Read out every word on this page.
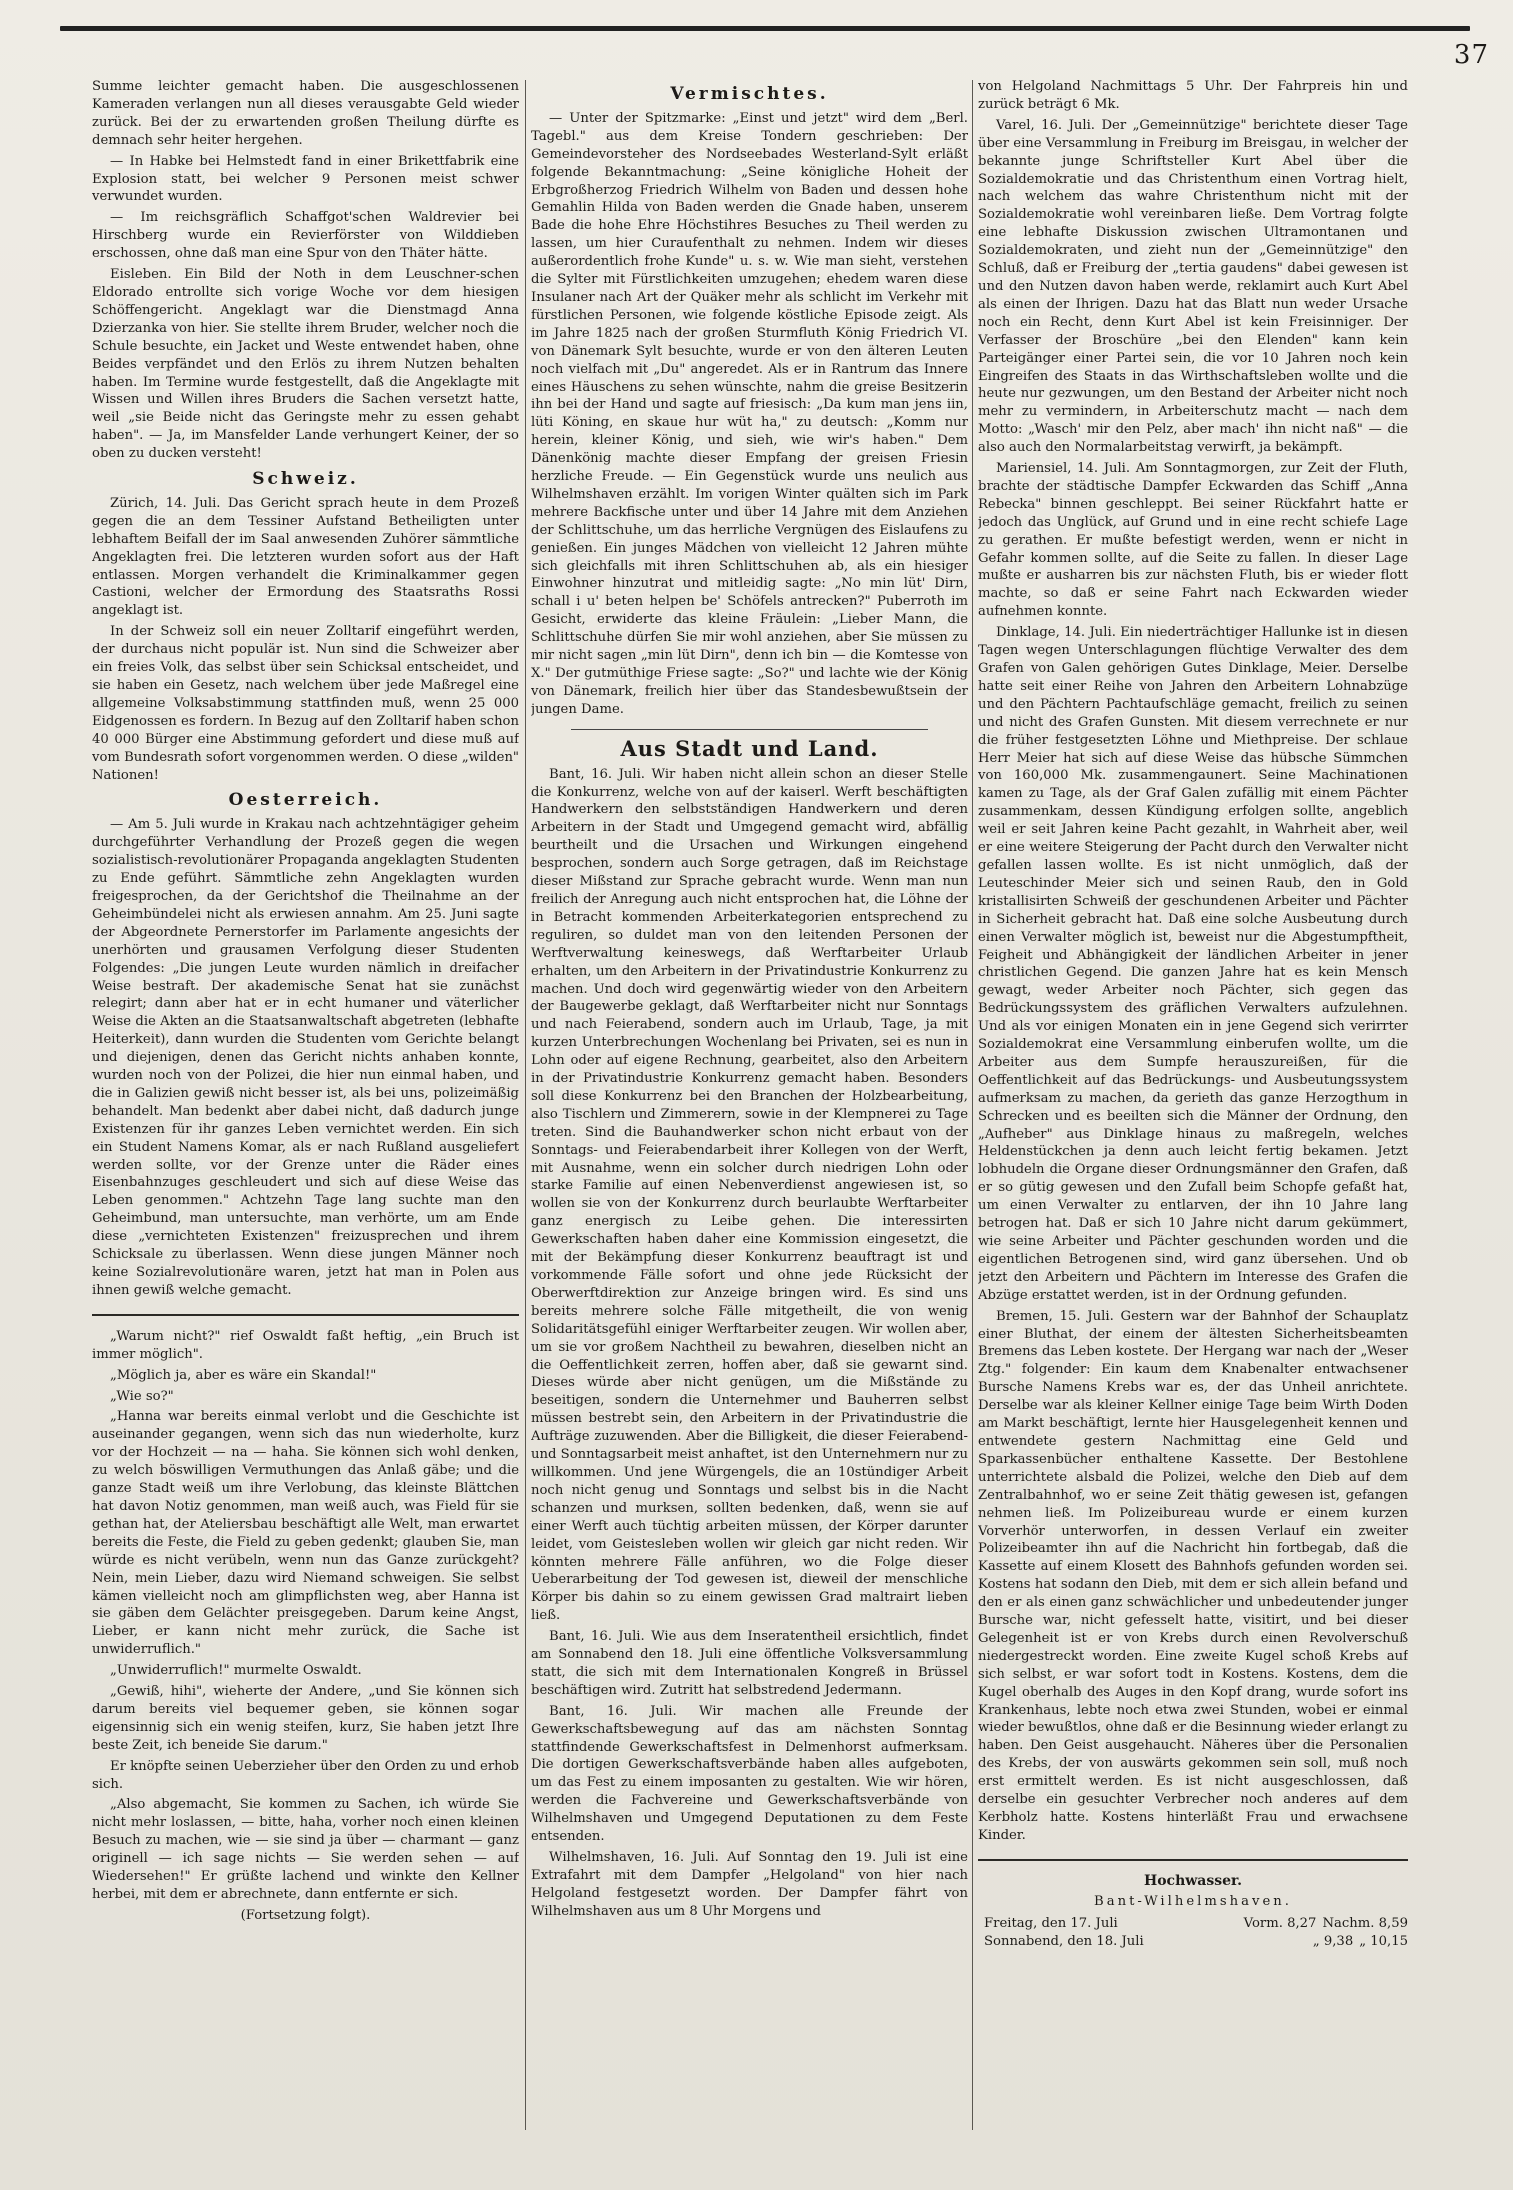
37

Summe leichter gemacht haben. Die ausgeschlossenen Kameraden verlangen nun all dieses verausgabte Geld wieder zurück. Bei der zu erwartenden großen Theilung dürfte es demnach sehr heiter hergehen.

— In Habke bei Helmstedt fand in einer Brikettfabrik eine Explosion statt, bei welcher 9 Personen meist schwer verwundet wurden.

— Im reichsgräflich Schaffgot'schen Waldrevier bei Hirschberg wurde ein Revierförster von Wilddieben erschossen, ohne daß man eine Spur von den Thäter hätte.

Eisleben. Ein Bild der Noth in dem Leuschner-schen Eldorado entrollte sich vorige Woche vor dem hiesigen Schöffengericht. Angeklagt war die Dienstmagd Anna Dzierzanka von hier. Sie stellte ihrem Bruder, welcher noch die Schule besuchte, ein Jacket und Weste entwendet haben, ohne Beides verpfändet und den Erlös zu ihrem Nutzen behalten haben. Im Termine wurde festgestellt, daß die Angeklagte mit Wissen und Willen ihres Bruders die Sachen versetzt hatte, weil „sie Beide nicht das Geringste mehr zu essen gehabt haben". — Ja, im Mansfelder Lande verhungert Keiner, der so oben zu ducken versteht!

Schweiz.

Zürich, 14. Juli. Das Gericht sprach heute in dem Prozeß gegen die an dem Tessiner Aufstand Betheiligten unter lebhaftem Beifall der im Saal anwesenden Zuhörer sämmtliche Angeklagten frei. Die letzteren wurden sofort aus der Haft entlassen. Morgen verhandelt die Kriminalkammer gegen Castioni, welcher der Ermordung des Staatsraths Rossi angeklagt ist.

In der Schweiz soll ein neuer Zolltarif eingeführt werden, der durchaus nicht populär ist. Nun sind die Schweizer aber ein freies Volk, das selbst über sein Schicksal entscheidet, und sie haben ein Gesetz, nach welchem über jede Maßregel eine allgemeine Volksabstimmung stattfinden muß, wenn 25 000 Eidgenossen es fordern. In Bezug auf den Zolltarif haben schon 40 000 Bürger eine Abstimmung gefordert und diese muß auf vom Bundesrath sofort vorgenommen werden. O diese „wilden" Nationen!

Oesterreich.

— Am 5. Juli wurde in Krakau nach achtzehntägiger geheim durchgeführter Verhandlung der Prozeß gegen die wegen sozialistisch-revolutionärer Propaganda angeklagten Studenten zu Ende geführt. Sämmtliche zehn Angeklagten wurden freigesprochen, da der Gerichtshof die Theilnahme an der Geheimbündelei nicht als erwiesen annahm. Am 25. Juni sagte der Abgeordnete Pernerstorfer im Parlamente angesichts der unerhörten und grausamen Verfolgung dieser Studenten Folgendes: „Die jungen Leute wurden nämlich in dreifacher Weise bestraft. Der akademische Senat hat sie zunächst relegirt; dann aber hat er in echt humaner und väterlicher Weise die Akten an die Staatsanwaltschaft abgetreten (lebhafte Heiterkeit), dann wurden die Studenten vom Gerichte belangt und diejenigen, denen das Gericht nichts anhaben konnte, wurden noch von der Polizei, die hier nun einmal haben, und die in Galizien gewiß nicht besser ist, als bei uns, polizeimäßig behandelt. Man bedenkt aber dabei nicht, daß dadurch junge Existenzen für ihr ganzes Leben vernichtet werden. Ein sich ein Student Namens Komar, als er nach Rußland ausgeliefert werden sollte, vor der Grenze unter die Räder eines Eisenbahnzuges geschleudert und sich auf diese Weise das Leben genommen." Achtzehn Tage lang suchte man den Geheimbund, man untersuchte, man verhörte, um am Ende diese „vernichteten Existenzen" freizusprechen und ihrem Schicksale zu überlassen. Wenn diese jungen Männer noch keine Sozialrevolutionäre waren, jetzt hat man in Polen aus ihnen gewiß welche gemacht.

„Warum nicht?" rief Oswaldt faßt heftig, „ein Bruch ist immer möglich".

„Möglich ja, aber es wäre ein Skandal!"

„Wie so?"

„Hanna war bereits einmal verlobt und die Geschichte ist auseinander gegangen, wenn sich das nun wiederholte, kurz vor der Hochzeit — na — haha. Sie können sich wohl denken, zu welch böswilligen Vermuthungen das Anlaß gäbe; und die ganze Stadt weiß um ihre Verlobung, das kleinste Blättchen hat davon Notiz genommen, man weiß auch, was Field für sie gethan hat, der Ateliersbau beschäftigt alle Welt, man erwartet bereits die Feste, die Field zu geben gedenkt; glauben Sie, man würde es nicht verübeln, wenn nun das Ganze zurückgeht? Nein, mein Lieber, dazu wird Niemand schweigen. Sie selbst kämen vielleicht noch am glimpflichsten weg, aber Hanna ist sie gäben dem Gelächter preisgegeben. Darum keine Angst, Lieber, er kann nicht mehr zurück, die Sache ist unwiderruflich."

„Unwiderruflich!" murmelte Oswaldt.

„Gewiß, hihi", wieherte der Andere, „und Sie können sich darum bereits viel bequemer geben, sie können sogar eigensinnig sich ein wenig steifen, kurz, Sie haben jetzt Ihre beste Zeit, ich beneide Sie darum."

Er knöpfte seinen Ueberzieher über den Orden zu und erhob sich.

„Also abgemacht, Sie kommen zu Sachen, ich würde Sie nicht mehr loslassen, — bitte, haha, vorher noch einen kleinen Besuch zu machen, wie — sie sind ja über — charmant — ganz originell — ich sage nichts — Sie werden sehen — auf Wiedersehen!" Er grüßte lachend und winkte den Kellner herbei, mit dem er abrechnete, dann entfernte er sich.

(Fortsetzung folgt).

Vermischtes.

— Unter der Spitzmarke: „Einst und jetzt" wird dem „Berl. Tagebl." aus dem Kreise Tondern geschrieben: Der Gemeindevorsteher des Nordseebades Westerland-Sylt erläßt folgende Bekanntmachung: „Seine königliche Hoheit der Erbgroßherzog Friedrich Wilhelm von Baden und dessen hohe Gemahlin Hilda von Baden werden die Gnade haben, unserem Bade die hohe Ehre Höchstihres Besuches zu Theil werden zu lassen, um hier Curaufenthalt zu nehmen. Indem wir dieses außerordentlich frohe Kunde" u. s. w. Wie man sieht, verstehen die Sylter mit Fürstlichkeiten umzugehen; ehedem waren diese Insulaner nach Art der Quäker mehr als schlicht im Verkehr mit fürstlichen Personen, wie folgende köstliche Episode zeigt. Als im Jahre 1825 nach der großen Sturmfluth König Friedrich VI. von Dänemark Sylt besuchte, wurde er von den älteren Leuten noch vielfach mit „Du" angeredet. Als er in Rantrum das Innere eines Häuschens zu sehen wünschte, nahm die greise Besitzerin ihn bei der Hand und sagte auf friesisch: „Da kum man jens iin, lüti Köning, en skaue hur wüt ha," zu deutsch: „Komm nur herein, kleiner König, und sieh, wie wir's haben." Dem Dänenkönig machte dieser Empfang der greisen Friesin herzliche Freude. — Ein Gegenstück wurde uns neulich aus Wilhelmshaven erzählt. Im vorigen Winter quälten sich im Park mehrere Backfische unter und über 14 Jahre mit dem Anziehen der Schlittschuhe, um das herrliche Vergnügen des Eislaufens zu genießen. Ein junges Mädchen von vielleicht 12 Jahren mühte sich gleichfalls mit ihren Schlittschuhen ab, als ein hiesiger Einwohner hinzutrat und mitleidig sagte: „No min lüt' Dirn, schall i u' beten helpen be' Schöfels antrecken?" Puberroth im Gesicht, erwiderte das kleine Fräulein: „Lieber Mann, die Schlittschuhe dürfen Sie mir wohl anziehen, aber Sie müssen zu mir nicht sagen „min lüt Dirn", denn ich bin — die Komtesse von X." Der gutmüthige Friese sagte: „So?" und lachte wie der König von Dänemark, freilich hier über das Standesbewußtsein der jungen Dame.

Aus Stadt und Land.

Bant, 16. Juli. Wir haben nicht allein schon an dieser Stelle die Konkurrenz, welche von auf der kaiserl. Werft beschäftigten Handwerkern den selbstständigen Handwerkern und deren Arbeitern in der Stadt und Umgegend gemacht wird, abfällig beurtheilt und die Ursachen und Wirkungen eingehend besprochen, sondern auch Sorge getragen, daß im Reichstage dieser Mißstand zur Sprache gebracht wurde. Wenn man nun freilich der Anregung auch nicht entsprochen hat, die Löhne der in Betracht kommenden Arbeiterkategorien entsprechend zu reguliren, so duldet man von den leitenden Personen der Werftverwaltung keineswegs, daß Werftarbeiter Urlaub erhalten, um den Arbeitern in der Privatindustrie Konkurrenz zu machen. Und doch wird gegenwärtig wieder von den Arbeitern der Baugewerbe geklagt, daß Werftarbeiter nicht nur Sonntags und nach Feierabend, sondern auch im Urlaub, Tage, ja mit kurzen Unterbrechungen Wochenlang bei Privaten, sei es nun in Lohn oder auf eigene Rechnung, gearbeitet, also den Arbeitern in der Privatindustrie Konkurrenz gemacht haben. Besonders soll diese Konkurrenz bei den Branchen der Holzbearbeitung, also Tischlern und Zimmerern, sowie in der Klempnerei zu Tage treten. Sind die Bauhandwerker schon nicht erbaut von der Sonntags- und Feierabendarbeit ihrer Kollegen von der Werft, mit Ausnahme, wenn ein solcher durch niedrigen Lohn oder starke Familie auf einen Nebenverdienst angewiesen ist, so wollen sie von der Konkurrenz durch beurlaubte Werftarbeiter ganz energisch zu Leibe gehen. Die interessirten Gewerkschaften haben daher eine Kommission eingesetzt, die mit der Bekämpfung dieser Konkurrenz beauftragt ist und vorkommende Fälle sofort und ohne jede Rücksicht der Oberwerftdirektion zur Anzeige bringen wird. Es sind uns bereits mehrere solche Fälle mitgetheilt, die von wenig Solidaritätsgefühl einiger Werftarbeiter zeugen. Wir wollen aber, um sie vor großem Nachtheil zu bewahren, dieselben nicht an die Oeffentlichkeit zerren, hoffen aber, daß sie gewarnt sind. Dieses würde aber nicht genügen, um die Mißstände zu beseitigen, sondern die Unternehmer und Bauherren selbst müssen bestrebt sein, den Arbeitern in der Privatindustrie die Aufträge zuzuwenden. Aber die Billigkeit, die dieser Feierabend- und Sonntagsarbeit meist anhaftet, ist den Unternehmern nur zu willkommen. Und jene Würgengels, die an 10stündiger Arbeit noch nicht genug und Sonntags und selbst bis in die Nacht schanzen und murksen, sollten bedenken, daß, wenn sie auf einer Werft auch tüchtig arbeiten müssen, der Körper darunter leidet, vom Geistesleben wollen wir gleich gar nicht reden. Wir könnten mehrere Fälle anführen, wo die Folge dieser Ueberarbeitung der Tod gewesen ist, dieweil der menschliche Körper bis dahin so zu einem gewissen Grad maltrairt lieben ließ.

Bant, 16. Juli. Wie aus dem Inseratentheil ersichtlich, findet am Sonnabend den 18. Juli eine öffentliche Volksversammlung statt, die sich mit dem Internationalen Kongreß in Brüssel beschäftigen wird. Zutritt hat selbstredend Jedermann.

Bant, 16. Juli. Wir machen alle Freunde der Gewerkschaftsbewegung auf das am nächsten Sonntag stattfindende Gewerkschaftsfest in Delmenhorst aufmerksam. Die dortigen Gewerkschaftsverbände haben alles aufgeboten, um das Fest zu einem imposanten zu gestalten. Wie wir hören, werden die Fachvereine und Gewerkschaftsverbände von Wilhelmshaven und Umgegend Deputationen zu dem Feste entsenden.

Wilhelmshaven, 16. Juli. Auf Sonntag den 19. Juli ist eine Extrafahrt mit dem Dampfer „Helgoland" von hier nach Helgoland festgesetzt worden. Der Dampfer fährt von Wilhelmshaven aus um 8 Uhr Morgens und

von Helgoland Nachmittags 5 Uhr. Der Fahrpreis hin und zurück beträgt 6 Mk.

Varel, 16. Juli. Der „Gemeinnützige" berichtete dieser Tage über eine Versammlung in Freiburg im Breisgau, in welcher der bekannte junge Schriftsteller Kurt Abel über die Sozialdemokratie und das Christenthum einen Vortrag hielt, nach welchem das wahre Christenthum nicht mit der Sozialdemokratie wohl vereinbaren ließe. Dem Vortrag folgte eine lebhafte Diskussion zwischen Ultramontanen und Sozialdemokraten, und zieht nun der „Gemeinnützige" den Schluß, daß er Freiburg der „tertia gaudens" dabei gewesen ist und den Nutzen davon haben werde, reklamirt auch Kurt Abel als einen der Ihrigen. Dazu hat das Blatt nun weder Ursache noch ein Recht, denn Kurt Abel ist kein Freisinniger. Der Verfasser der Broschüre „bei den Elenden" kann kein Parteigänger einer Partei sein, die vor 10 Jahren noch kein Eingreifen des Staats in das Wirthschaftsleben wollte und die heute nur gezwungen, um den Bestand der Arbeiter nicht noch mehr zu vermindern, in Arbeiterschutz macht — nach dem Motto: „Wasch' mir den Pelz, aber mach' ihn nicht naß" — die also auch den Normalarbeitstag verwirft, ja bekämpft.

Mariensiel, 14. Juli. Am Sonntagmorgen, zur Zeit der Fluth, brachte der städtische Dampfer Eckwarden das Schiff „Anna Rebecka" binnen geschleppt. Bei seiner Rückfahrt hatte er jedoch das Unglück, auf Grund und in eine recht schiefe Lage zu gerathen. Er mußte befestigt werden, wenn er nicht in Gefahr kommen sollte, auf die Seite zu fallen. In dieser Lage mußte er ausharren bis zur nächsten Fluth, bis er wieder flott machte, so daß er seine Fahrt nach Eckwarden wieder aufnehmen konnte.

Dinklage, 14. Juli. Ein niederträchtiger Hallunke ist in diesen Tagen wegen Unterschlagungen flüchtige Verwalter des dem Grafen von Galen gehörigen Gutes Dinklage, Meier. Derselbe hatte seit einer Reihe von Jahren den Arbeitern Lohnabzüge und den Pächtern Pachtaufschläge gemacht, freilich zu seinen und nicht des Grafen Gunsten. Mit diesem verrechnete er nur die früher festgesetzten Löhne und Miethpreise. Der schlaue Herr Meier hat sich auf diese Weise das hübsche Sümmchen von 160,000 Mk. zusammengaunert. Seine Machinationen kamen zu Tage, als der Graf Galen zufällig mit einem Pächter zusammenkam, dessen Kündigung erfolgen sollte, angeblich weil er seit Jahren keine Pacht gezahlt, in Wahrheit aber, weil er eine weitere Steigerung der Pacht durch den Verwalter nicht gefallen lassen wollte. Es ist nicht unmöglich, daß der Leuteschinder Meier sich und seinen Raub, den in Gold kristallisirten Schweiß der geschundenen Arbeiter und Pächter in Sicherheit gebracht hat. Daß eine solche Ausbeutung durch einen Verwalter möglich ist, beweist nur die Abgestumpftheit, Feigheit und Abhängigkeit der ländlichen Arbeiter in jener christlichen Gegend. Die ganzen Jahre hat es kein Mensch gewagt, weder Arbeiter noch Pächter, sich gegen das Bedrückungssystem des gräflichen Verwalters aufzulehnen. Und als vor einigen Monaten ein in jene Gegend sich verirrter Sozialdemokrat eine Versammlung einberufen wollte, um die Arbeiter aus dem Sumpfe herauszureißen, für die Oeffentlichkeit auf das Bedrückungs- und Ausbeutungssystem aufmerksam zu machen, da gerieth das ganze Herzogthum in Schrecken und es beeilten sich die Männer der Ordnung, den „Aufheber" aus Dinklage hinaus zu maßregeln, welches Heldenstückchen ja denn auch leicht fertig bekamen. Jetzt lobhudeln die Organe dieser Ordnungsmänner den Grafen, daß er so gütig gewesen und den Zufall beim Schopfe gefaßt hat, um einen Verwalter zu entlarven, der ihn 10 Jahre lang betrogen hat. Daß er sich 10 Jahre nicht darum gekümmert, wie seine Arbeiter und Pächter geschunden worden und die eigentlichen Betrogenen sind, wird ganz übersehen. Und ob jetzt den Arbeitern und Pächtern im Interesse des Grafen die Abzüge erstattet werden, ist in der Ordnung gefunden.

Bremen, 15. Juli. Gestern war der Bahnhof der Schauplatz einer Bluthat, der einem der ältesten Sicherheitsbeamten Bremens das Leben kostete. Der Hergang war nach der „Weser Ztg." folgender: Ein kaum dem Knabenalter entwachsener Bursche Namens Krebs war es, der das Unheil anrichtete. Derselbe war als kleiner Kellner einige Tage beim Wirth Doden am Markt beschäftigt, lernte hier Hausgelegenheit kennen und entwendete gestern Nachmittag eine Geld und Sparkassenbücher enthaltene Kassette. Der Bestohlene unterrichtete alsbald die Polizei, welche den Dieb auf dem Zentralbahnhof, wo er seine Zeit thätig gewesen ist, gefangen nehmen ließ. Im Polizeibureau wurde er einem kurzen Vorverhör unterworfen, in dessen Verlauf ein zweiter Polizeibeamter ihn auf die Nachricht hin fortbegab, daß die Kassette auf einem Klosett des Bahnhofs gefunden worden sei. Kostens hat sodann den Dieb, mit dem er sich allein befand und den er als einen ganz schwächlicher und unbedeutender junger Bursche war, nicht gefesselt hatte, visitirt, und bei dieser Gelegenheit ist er von Krebs durch einen Revolverschuß niedergestreckt worden. Eine zweite Kugel schoß Krebs auf sich selbst, er war sofort todt in Kostens. Kostens, dem die Kugel oberhalb des Auges in den Kopf drang, wurde sofort ins Krankenhaus, lebte noch etwa zwei Stunden, wobei er einmal wieder bewußtlos, ohne daß er die Besinnung wieder erlangt zu haben. Den Geist ausgehaucht. Näheres über die Personalien des Krebs, der von auswärts gekommen sein soll, muß noch erst ermittelt werden. Es ist nicht ausgeschlossen, daß derselbe ein gesuchter Verbrecher noch anderes auf dem Kerbholz hatte. Kostens hinterläßt Frau und erwachsene Kinder.

Hochwasser.
Bant-Wilhelmshaven.
Freitag, den 17. Juli	Vorm. 8,27 Nachm. 8,59
Sonnabend, den 18. Juli	„ 9,38 „ 10,15
